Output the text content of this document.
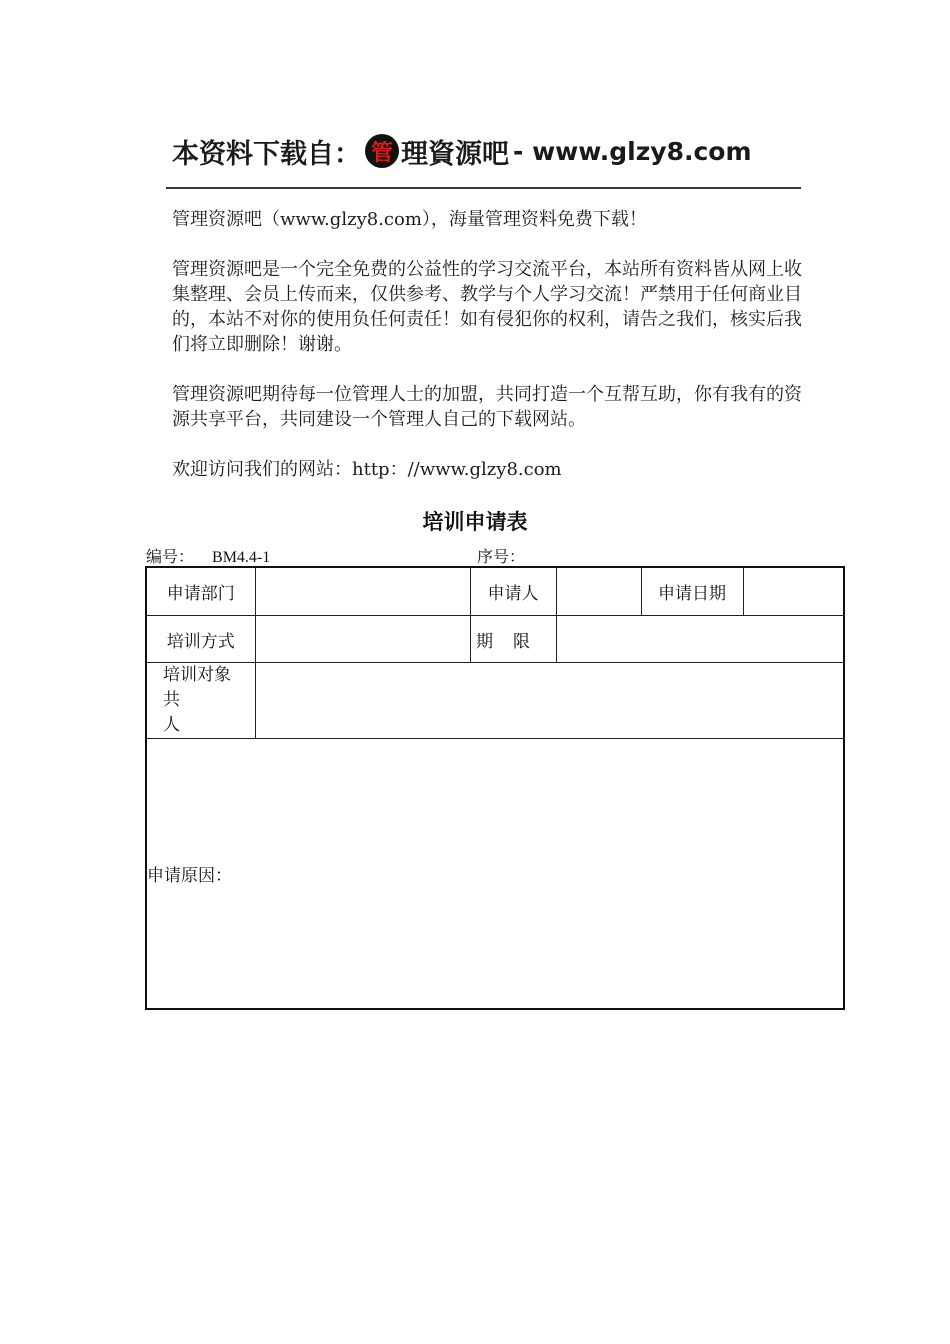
本资料下载自： 管 理資源吧 - www.glzy8.com

管理资源吧（www.glzy8.com），海量管理资料免费下载！

管理资源吧是一个完全免费的公益性的学习交流平台，本站所有资料皆从网上收集整理、会员上传而来，仅供参考、教学与个人学习交流！严禁用于任何商业目的，本站不对你的使用负任何责任！如有侵犯你的权利，请告之我们，核实后我们将立即删除！谢谢。

管理资源吧期待每一位管理人士的加盟，共同打造一个互帮互助，你有我有的资源共享平台，共同建设一个管理人自己的下载网站。

欢迎访问我们的网站：http：//www.glzy8.com

培训申请表
编号： BM4.4-1	序号：
申请部门		申请人		申请日期	
培训方式		期限			

培训对象
共人					

申请原因：					
